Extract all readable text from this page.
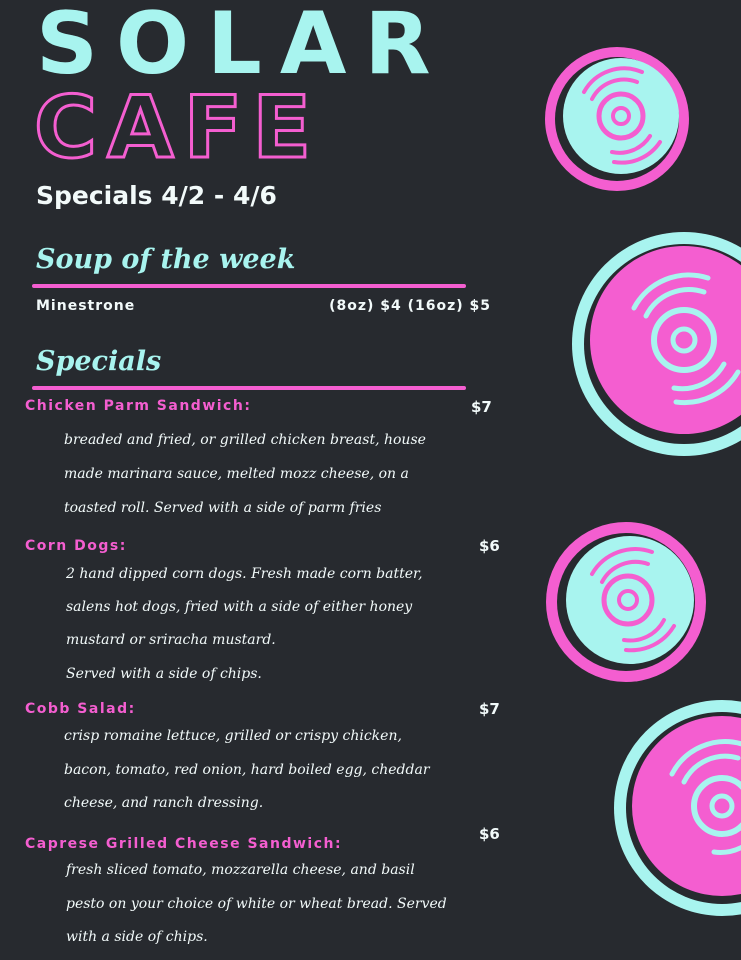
SOLAR
CAFE
Specials 4/2 - 4/6
Soup of the week
Minestrone	(8oz) $4 (16oz) $5
Specials
Chicken Parm Sandwich:	$7
breaded and fried, or grilled chicken breast, house
made marinara sauce, melted mozz cheese, on a
toasted roll. Served with a side of parm fries
Corn Dogs:	$6
2 hand dipped corn dogs. Fresh made corn batter,
salens hot dogs, fried with a side of either honey
mustard or sriracha mustard.
Served with a side of chips.
Cobb Salad:	$7
crisp romaine lettuce, grilled or crispy chicken,
bacon, tomato, red onion, hard boiled egg, cheddar
cheese, and ranch dressing.
Caprese Grilled Cheese Sandwich:
$6
fresh sliced tomato, mozzarella cheese, and basil
pesto on your choice of white or wheat bread. Served
with a side of chips.
